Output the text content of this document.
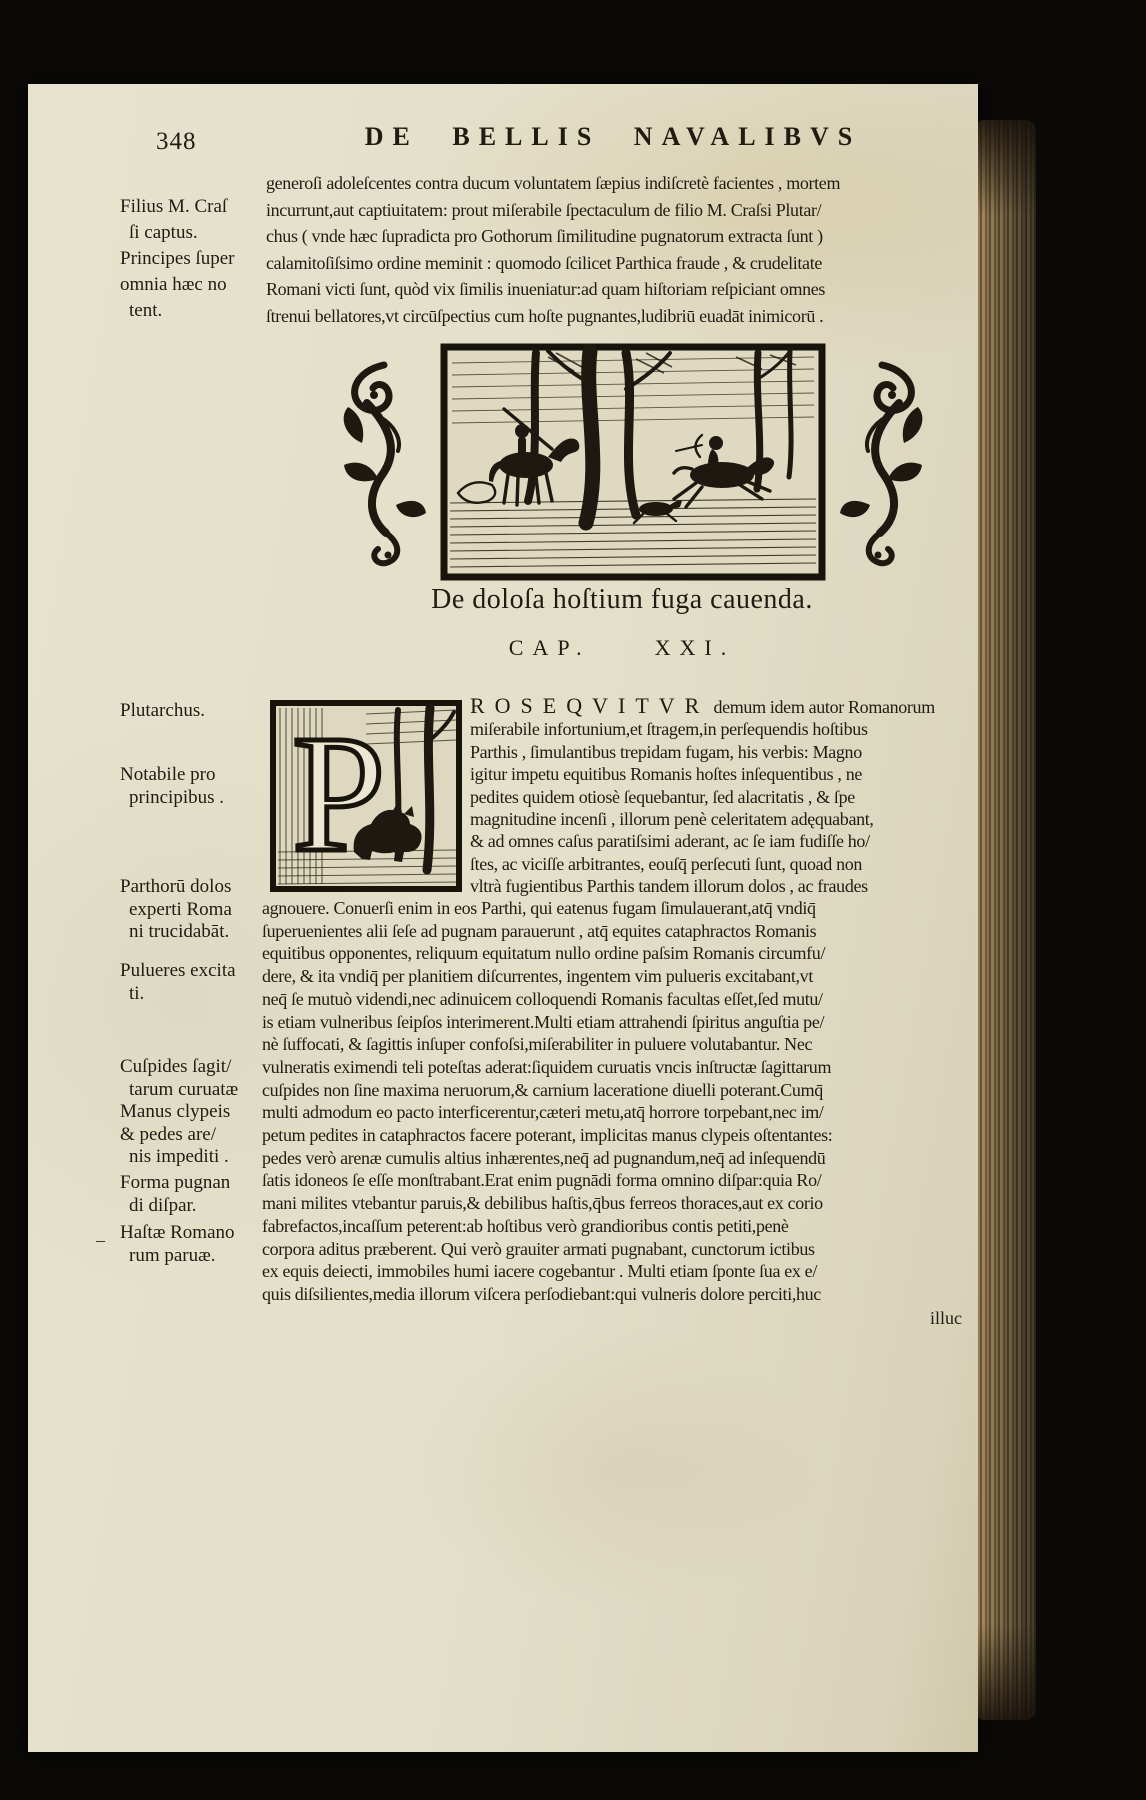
348	DE BELLIS NAVALIBVS
Filius M. Craſ
ſi captus.
Principes ſuper
omnia hæc no
tent.
generoſi adoleſcentes contra ducum voluntatem ſæpius indiſcretè facientes , mortem
incurrunt,aut captiuitatem: prout miſerabile ſpectaculum de filio M. Craſsi Plutar/
chus ( vnde hæc ſupradicta pro Gothorum ſimilitudine pugnatorum extracta ſunt )
calamitoſiſsimo ordine meminit : quomodo ſcilicet Parthica fraude , & crudelitate
Romani victi ſunt, quòd vix ſimilis inueniatur:ad quam hiſtoriam reſpiciant omnes
ſtrenui bellatores,vt circūſpectius cum hoſte pugnantes,ludibriū euadāt inimicorū .
De doloſa hoſtium fuga cauenda.
CAP.	XXI.
P	ROSEQVITVR demum idem autor Romanorum
miſerabile infortunium,et ſtragem,in perſequendis hoſtibus
Parthis , ſimulantibus trepidam fugam, his verbis: Magno
igitur impetu equitibus Romanis hoſtes inſequentibus , ne
pedites quidem otiosè ſequebantur, ſed alacritatis , & ſpe
magnitudine incenſi , illorum penè celeritatem adęquabant,
& ad omnes caſus paratiſsimi aderant, ac ſe iam fudiſſe ho/
ſtes, ac viciſſe arbitrantes, eouſq̄ perſecuti ſunt, quoad non
vltrà fugientibus Parthis tandem illorum dolos , ac fraudes
agnouere. Conuerſi enim in eos Parthi, qui eatenus fugam ſimulauerant,atq̄ vndiq̄
ſuperuenientes alii ſeſe ad pugnam parauerunt , atq̄ equites cataphractos Romanis
equitibus opponentes, reliquum equitatum nullo ordine paſsim Romanis circumfu/
dere, & ita vndiq̄ per planitiem diſcurrentes, ingentem vim pulueris excitabant,vt
neq̄ ſe mutuò videndi,nec adinuicem colloquendi Romanis facultas eſſet,ſed mutu/
is etiam vulneribus ſeipſos interimerent.Multi etiam attrahendi ſpiritus anguſtia pe/
nè ſuffocati, & ſagittis inſuper confoſsi,miſerabiliter in puluere volutabantur. Nec
vulneratis eximendi teli poteſtas aderat:ſiquidem curuatis vncis inſtructæ ſagittarum
cuſpides non ſine maxima neruorum,& carnium laceratione diuelli poterant.Cumq̄
multi admodum eo pacto interficerentur,cæteri metu,atq̄ horrore torpebant,nec im/
petum pedites in cataphractos facere poterant, implicitas manus clypeis oſtentantes:
pedes verò arenæ cumulis altius inhærentes,neq̄ ad pugnandum,neq̄ ad inſequendū
ſatis idoneos ſe eſſe monſtrabant.Erat enim pugnādi forma omnino diſpar:quia Ro/
mani milites vtebantur paruis,& debilibus haſtis,q̄bus ferreos thoraces,aut ex corio
fabrefactos,incaſſum peterent:ab hoſtibus verò grandioribus contis petiti,penè
corpora aditus præberent. Qui verò grauiter armati pugnabant, cunctorum ictibus
ex equis deiecti, immobiles humi iacere cogebantur . Multi etiam ſponte ſua ex e/
quis diſsilientes,media illorum viſcera perſodiebant:qui vulneris dolore perciti,huc
illuc
Plutarchus.
Notabile pro
principibus .
Parthorū dolos
experti Roma
ni trucidabāt.
Pulueres excita
ti.
Cuſpides ſagit/
tarum curuatæ
Manus clypeis
& pedes are/
nis impediti .
Forma pugnan
di diſpar.
Haſtæ Romano
rum paruæ.
‒
